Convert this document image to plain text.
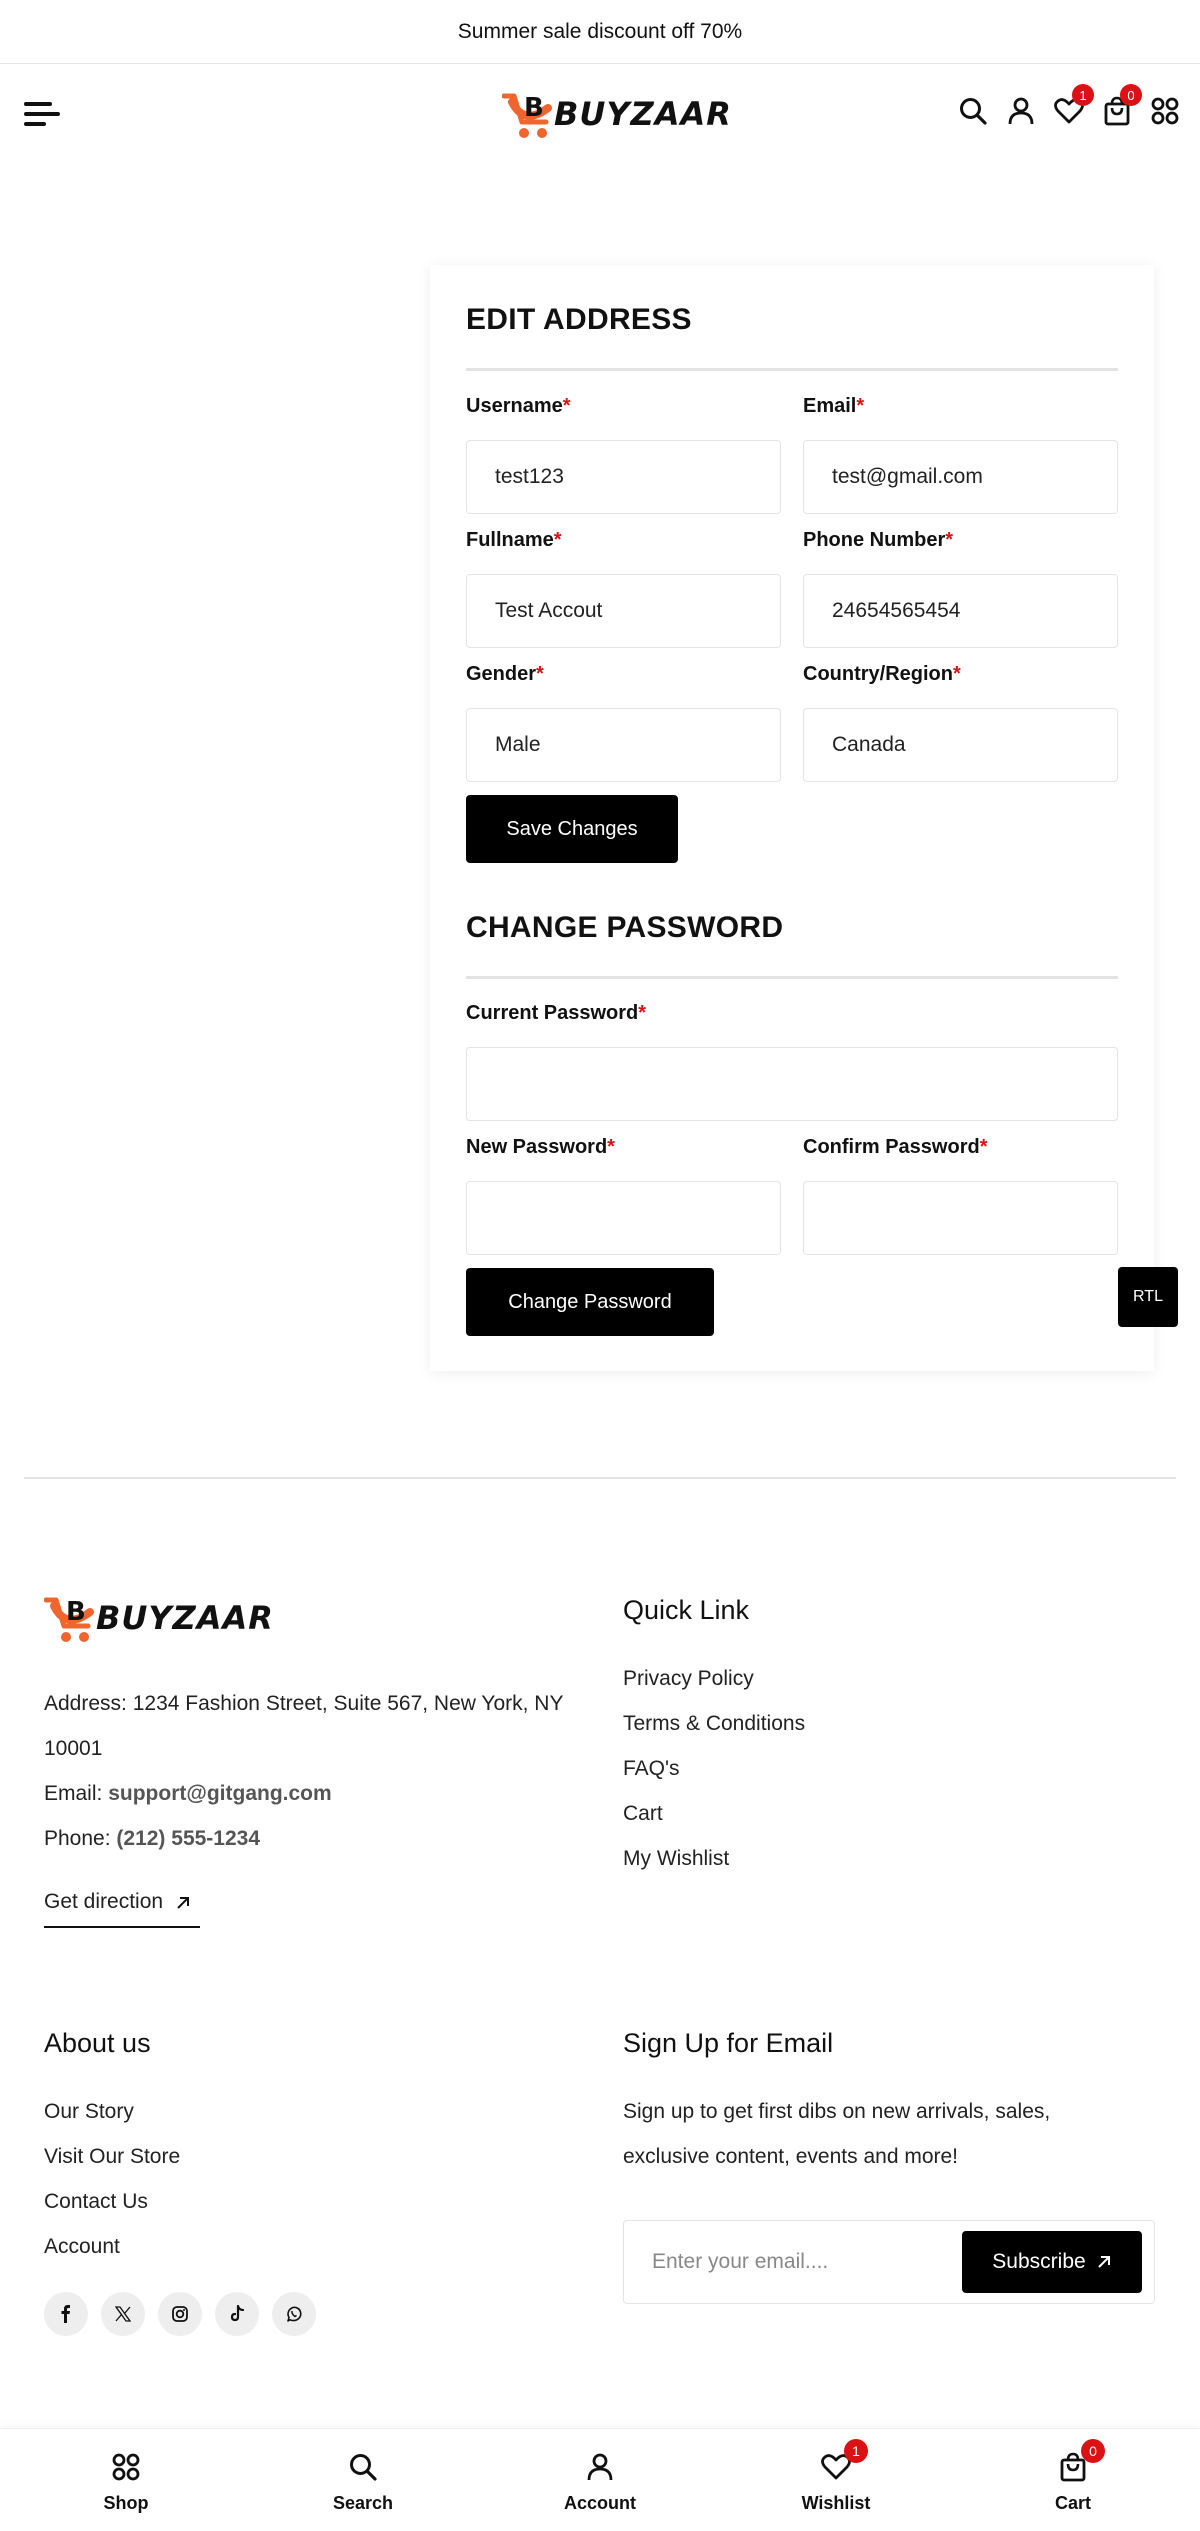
Summer sale discount off 70%
B BUYZAAR	1	0
EDIT ADDRESS
Username*
test123
Email*
test@gmail.com
Fullname*
Test Accout
Phone Number*
24654565454
Gender*
Male
Country/Region*
Canada
Save Changes
CHANGE PASSWORD
Current Password*
New Password*	Confirm Password*
Change Password	RTL
B BUYZAAR
Address: 1234 Fashion Street, Suite 567, New York, NY
10001
Email: support@gitgang.com
Phone: (212) 555-1234
Get direction
Quick Link
Privacy Policy
Terms & Conditions
FAQ's
Cart
My Wishlist
About us
Our Story
Visit Our Store
Contact Us
Account
Sign Up for Email
Sign up to get first dibs on new arrivals, sales,
exclusive content, events and more!
Enter your email....
Subscribe
Shop	Search	Account
1
Wishlist
0
Cart
